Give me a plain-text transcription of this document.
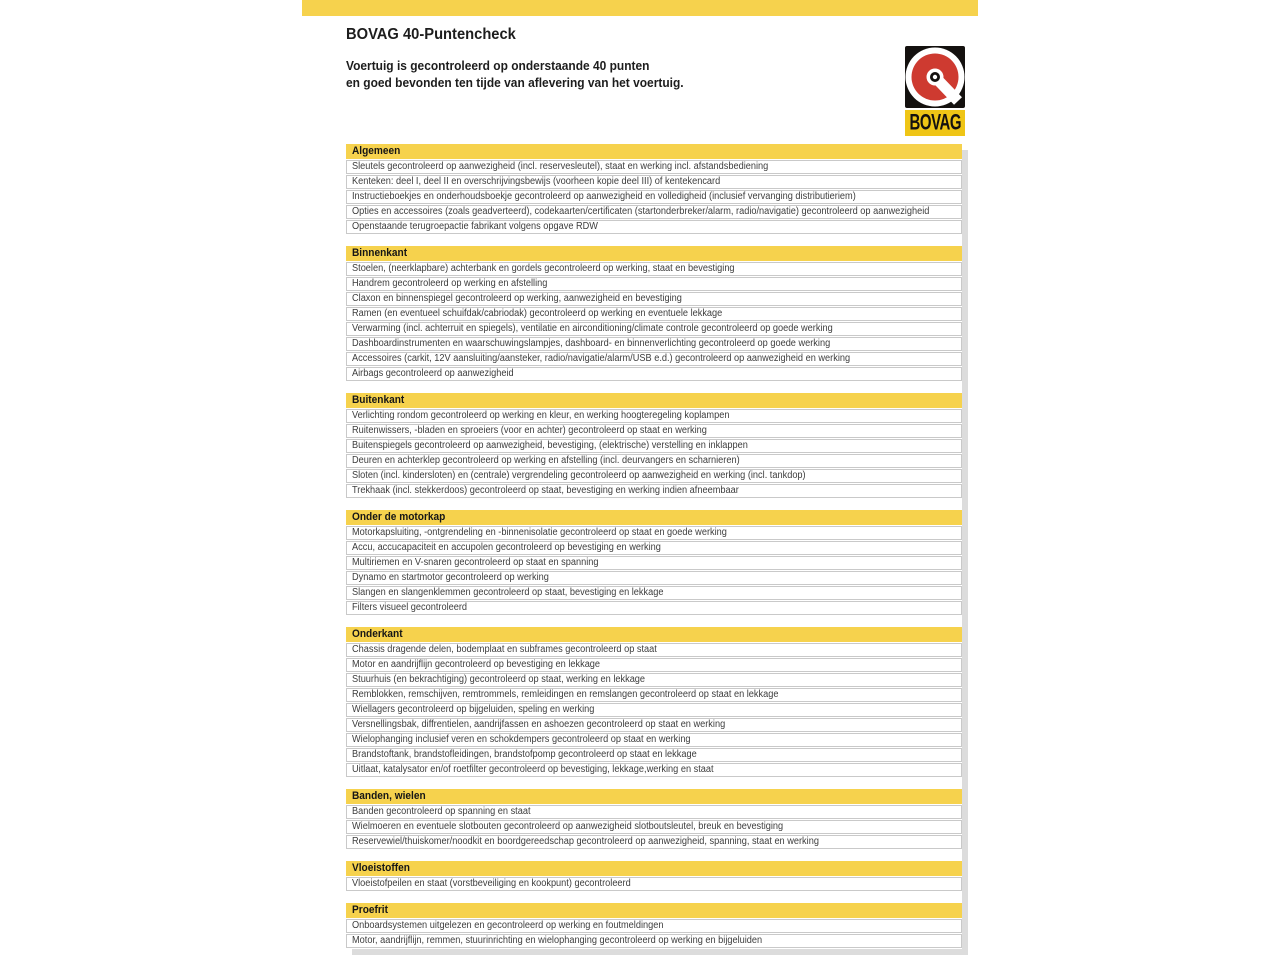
BOVAG 40-Puntencheck

Voertuig is gecontroleerd op onderstaande 40 punten
en goed bevonden ten tijde van aflevering van het voertuig.

BOVAG
Algemeen
Sleutels gecontroleerd op aanwezigheid (incl. reservesleutel), staat en werking incl. afstandsbediening
Kenteken: deel I, deel II en overschrijvingsbewijs (voorheen kopie deel III) of kentekencard
Instructieboekjes en onderhoudsboekje gecontroleerd op aanwezigheid en volledigheid (inclusief vervanging distributieriem)
Opties en accessoires (zoals geadverteerd), codekaarten/certificaten (startonderbreker/alarm, radio/navigatie) gecontroleerd op aanwezigheid
Openstaande terugroepactie fabrikant volgens opgave RDW
Binnenkant
Stoelen, (neerklapbare) achterbank en gordels gecontroleerd op werking, staat en bevestiging
Handrem gecontroleerd op werking en afstelling
Claxon en binnenspiegel gecontroleerd op werking, aanwezigheid en bevestiging
Ramen (en eventueel schuifdak/cabriodak) gecontroleerd op werking en eventuele lekkage
Verwarming (incl. achterruit en spiegels), ventilatie en airconditioning/climate controle gecontroleerd op goede werking
Dashboardinstrumenten en waarschuwingslampjes, dashboard- en binnenverlichting gecontroleerd op goede werking
Accessoires (carkit, 12V aansluiting/aansteker, radio/navigatie/alarm/USB e.d.) gecontroleerd op aanwezigheid en werking
Airbags gecontroleerd op aanwezigheid
Buitenkant
Verlichting rondom gecontroleerd op werking en kleur, en werking hoogteregeling koplampen
Ruitenwissers, -bladen en sproeiers (voor en achter) gecontroleerd op staat en werking
Buitenspiegels gecontroleerd op aanwezigheid, bevestiging, (elektrische) verstelling en inklappen
Deuren en achterklep gecontroleerd op werking en afstelling (incl. deurvangers en scharnieren)
Sloten (incl. kindersloten) en (centrale) vergrendeling gecontroleerd op aanwezigheid en werking (incl. tankdop)
Trekhaak (incl. stekkerdoos) gecontroleerd op staat, bevestiging en werking indien afneembaar
Onder de motorkap
Motorkapsluiting, -ontgrendeling en -binnenisolatie gecontroleerd op staat en goede werking
Accu, accucapaciteit en accupolen gecontroleerd op bevestiging en werking
Multiriemen en V-snaren gecontroleerd op staat en spanning
Dynamo en startmotor gecontroleerd op werking
Slangen en slangenklemmen gecontroleerd op staat, bevestiging en lekkage
Filters visueel gecontroleerd
Onderkant
Chassis dragende delen, bodemplaat en subframes gecontroleerd op staat
Motor en aandrijflijn gecontroleerd op bevestiging en lekkage
Stuurhuis (en bekrachtiging) gecontroleerd op staat, werking en lekkage
Remblokken, remschijven, remtrommels, remleidingen en remslangen gecontroleerd op staat en lekkage
Wiellagers gecontroleerd op bijgeluiden, speling en werking
Versnellingsbak, diffrentielen, aandrijfassen en ashoezen gecontroleerd op staat en werking
Wielophanging inclusief veren en schokdempers gecontroleerd op staat en werking
Brandstoftank, brandstofleidingen, brandstofpomp gecontroleerd op staat en lekkage
Uitlaat, katalysator en/of roetfilter gecontroleerd op bevestiging, lekkage,werking en staat
Banden, wielen
Banden gecontroleerd op spanning en staat
Wielmoeren en eventuele slotbouten gecontroleerd op aanwezigheid slotboutsleutel, breuk en bevestiging
Reservewiel/thuiskomer/noodkit en boordgereedschap gecontroleerd op aanwezigheid, spanning, staat en werking
Vloeistoffen
Vloeistofpeilen en staat (vorstbeveiliging en kookpunt) gecontroleerd
Proefrit
Onboardsystemen uitgelezen en gecontroleerd op werking en foutmeldingen
Motor, aandrijflijn, remmen, stuurinrichting en wielophanging gecontroleerd op werking en bijgeluiden
